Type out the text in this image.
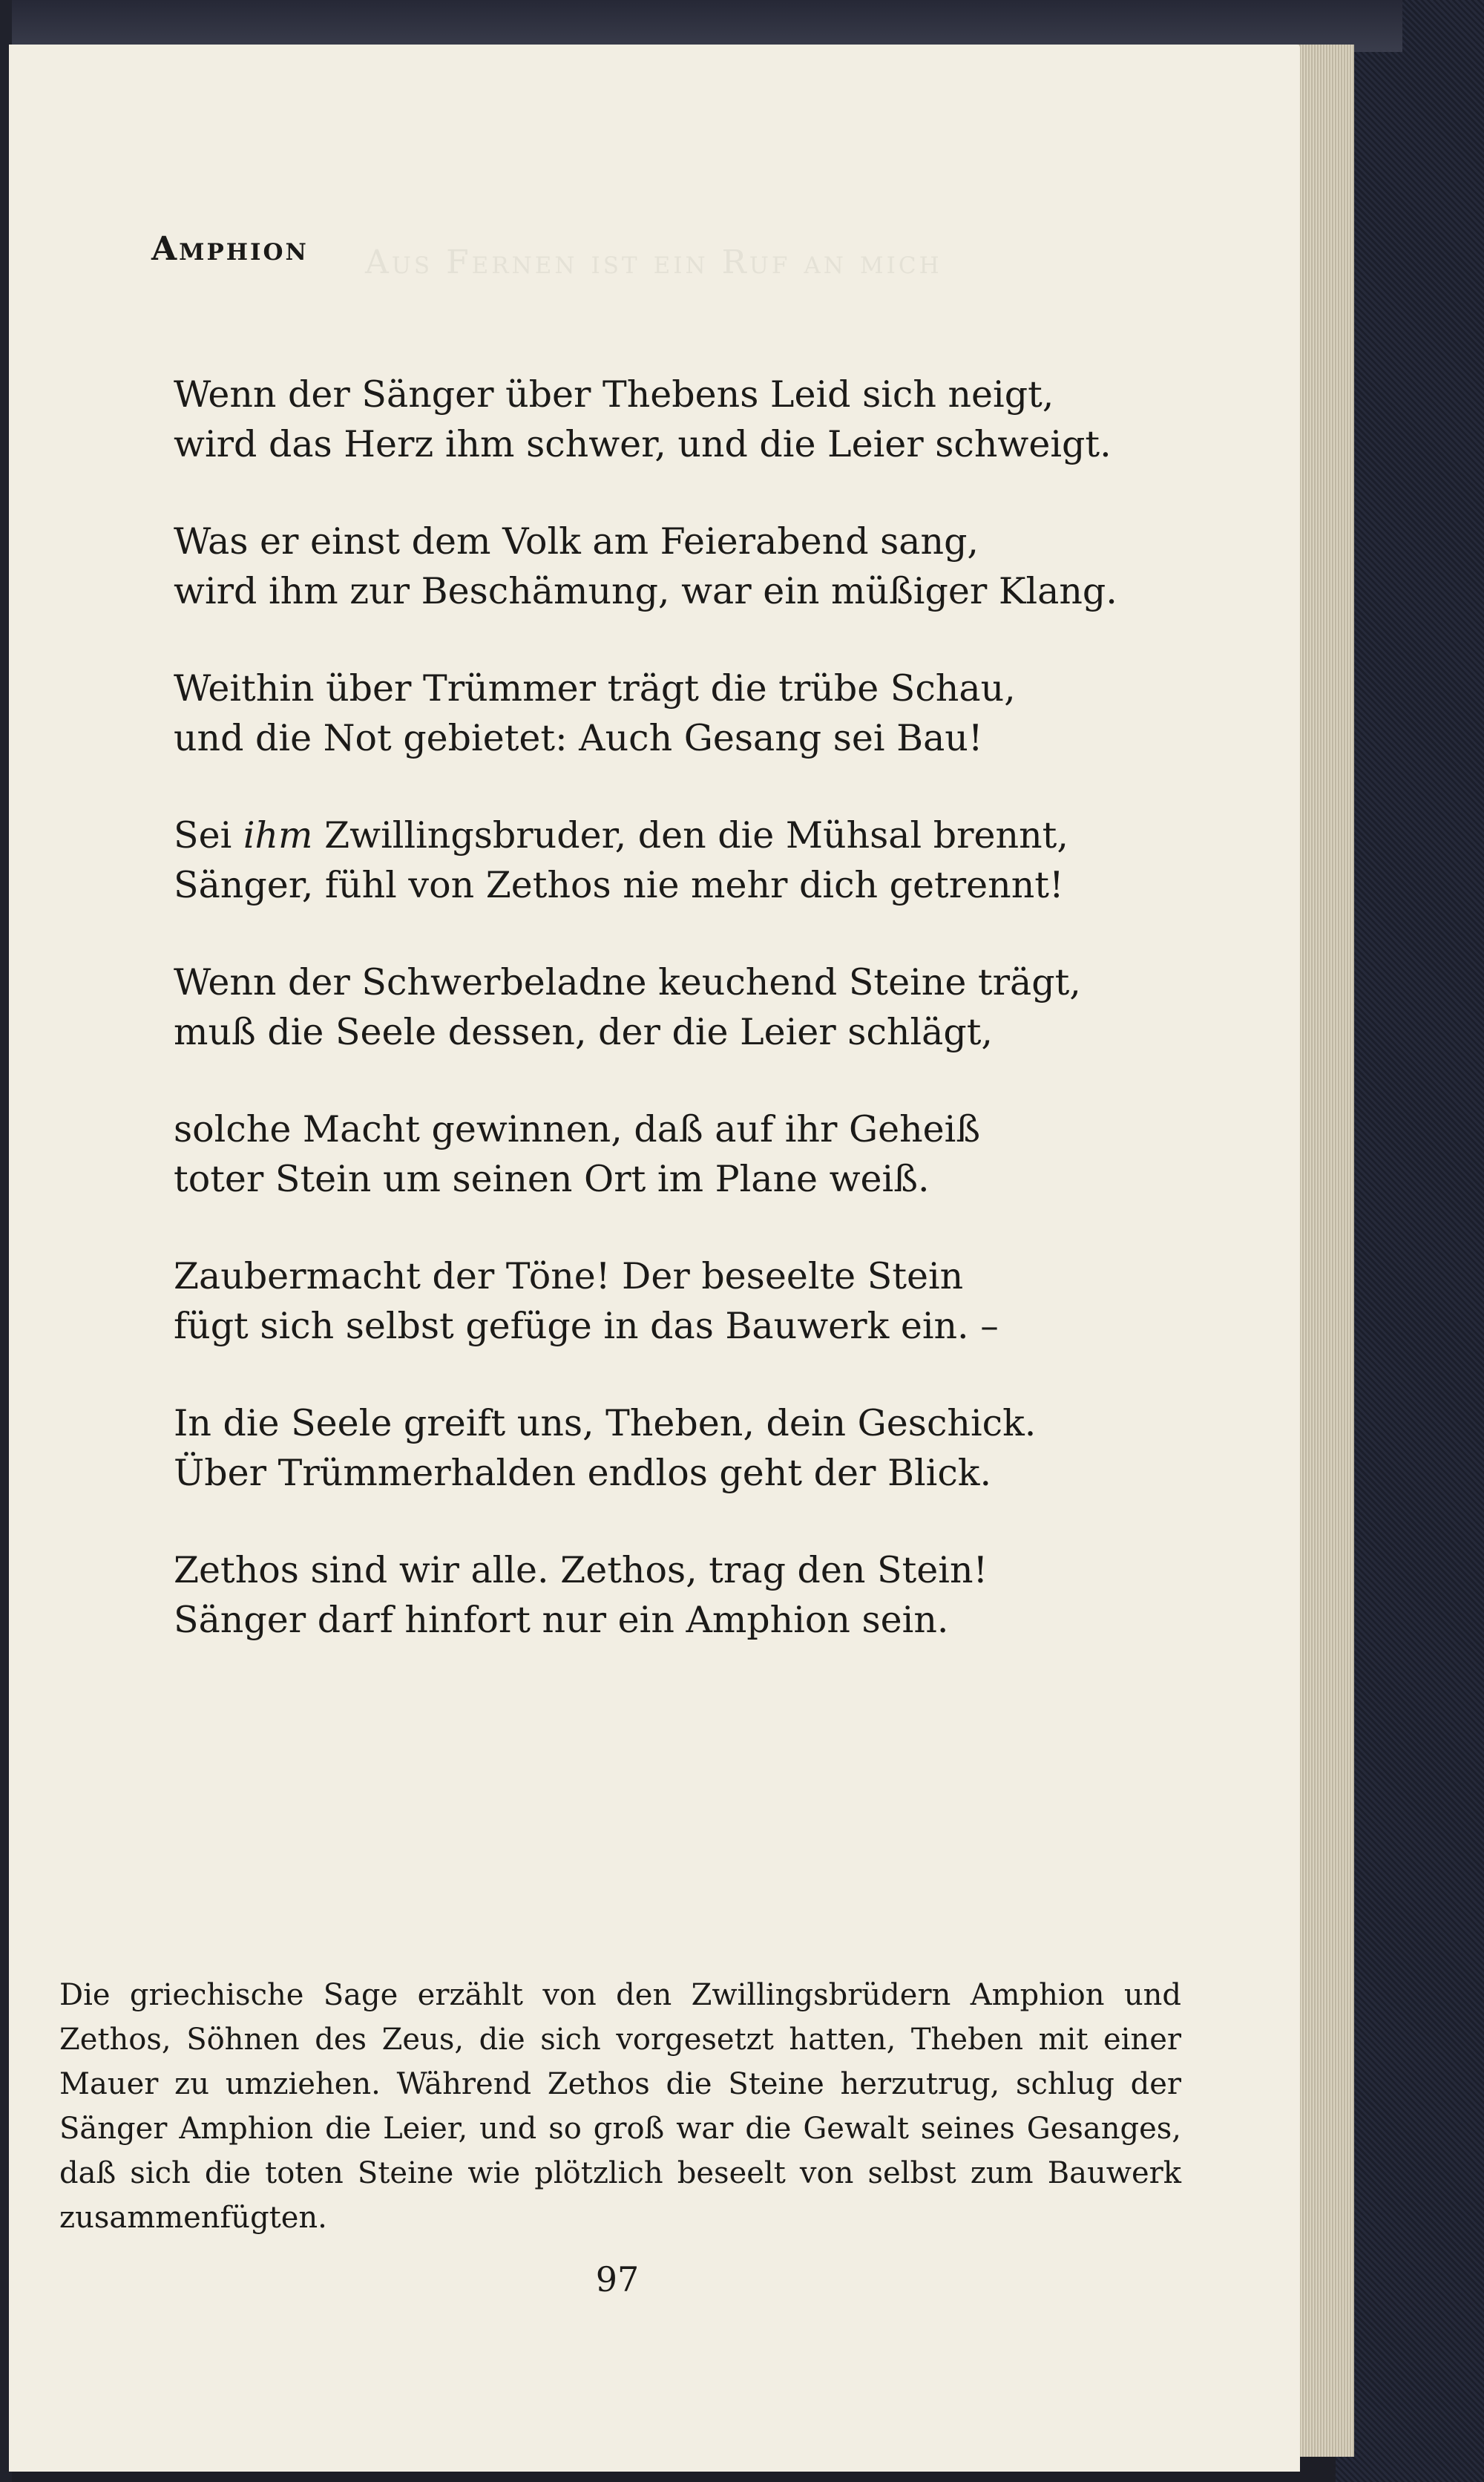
Aus Fernen ist ein Ruf an mich
Amphion
Wenn der Sänger über Thebens Leid sich neigt,
wird das Herz ihm schwer, und die Leier schweigt.
Was er einst dem Volk am Feierabend sang,
wird ihm zur Beschämung, war ein müßiger Klang.
Weithin über Trümmer trägt die trübe Schau,
und die Not gebietet: Auch Gesang sei Bau!
Sei ihm Zwillingsbruder, den die Mühsal brennt,
Sänger, fühl von Zethos nie mehr dich getrennt!
Wenn der Schwerbeladne keuchend Steine trägt,
muß die Seele dessen, der die Leier schlägt,
solche Macht gewinnen, daß auf ihr Geheiß
toter Stein um seinen Ort im Plane weiß.
Zaubermacht der Töne! Der beseelte Stein
fügt sich selbst gefüge in das Bauwerk ein. –
In die Seele greift uns, Theben, dein Geschick.
Über Trümmerhalden endlos geht der Blick.
Zethos sind wir alle. Zethos, trag den Stein!
Sänger darf hinfort nur ein Amphion sein.

Die griechische Sage erzählt von den Zwillingsbrüdern Amphion und Zethos, Söhnen des Zeus, die sich vorgesetzt hatten, Theben mit einer Mauer zu umziehen. Während Zethos die Steine herzutrug, schlug der Sänger Amphion die Leier, und so groß war die Gewalt seines Gesanges, daß sich die toten Steine wie plötzlich beseelt von selbst zum Bauwerk zusammenfügten.

97
